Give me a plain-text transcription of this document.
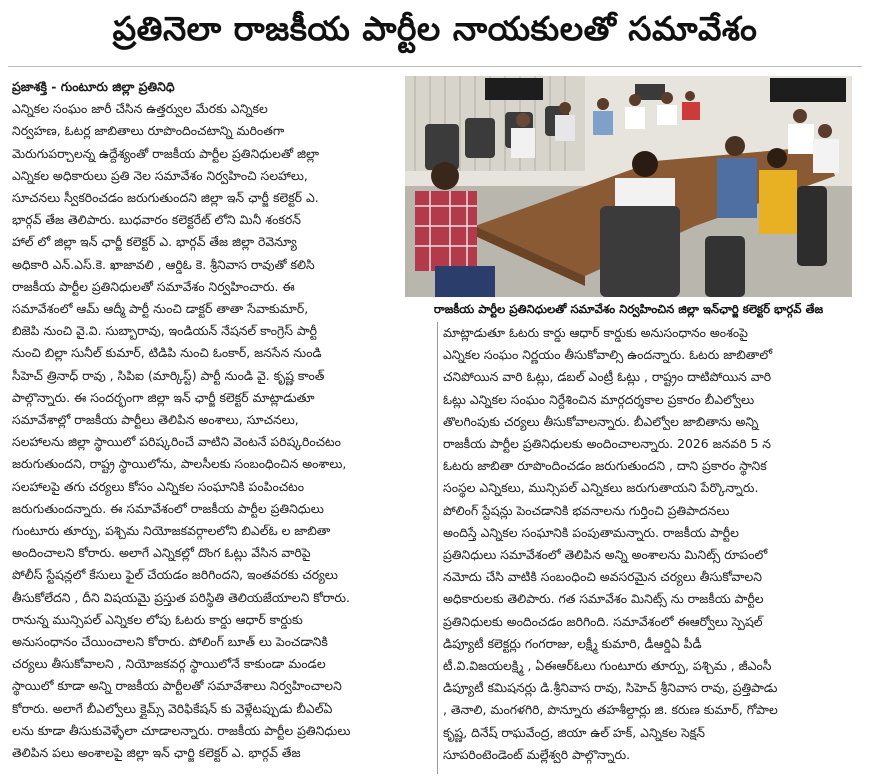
ప్రతినెలా రాజకీయ పార్టీల నాయకులతో సమావేశం
రాజకీయ పార్టీల ప్రతినిధులతో సమావేశం నిర్వహించిన జిల్లా ఇన్‌ఛార్జి కలెక్టర్ భార్గవ్ తేజ

ప్రజాశక్తి - గుంటూరు జిల్లా ప్రతినిధి

ఎన్నికల సంఘం జారీ చేసిన ఉత్తర్వుల మేరకు ఎన్నికల

నిర్వహణ, ఓటర్ల జాబితాలు రూపొందించటాన్ని మరింతగా

మెరుగుపర్చాలన్న ఉద్దేశ్యంతో రాజకీయ పార్టీల ప్రతినిధులతో జిల్లా

ఎన్నికల అధికారులు ప్రతి నెల సమావేశం నిర్వహించి సలహాలు,

సూచనలు స్వీకరించడం జరుగుతుందని జిల్లా ఇన్ ఛార్జీ కలెక్టర్ ఎ.

భార్గవ్ తేజ తెలిపారు. బుధవారం కలెక్టరేట్ లోని మినీ శంకరన్

హాల్ లో జిల్లా ఇన్ ఛార్జీ కలెక్టర్ ఎ. భార్గవ్ తేజ జిల్లా రెవెన్యూ

అధికారి ఎన్.ఎస్.కె. ఖాజావలి , ఆర్డిఓ కె. శ్రీనివాస రావుతో కలిసి

రాజకీయ పార్టీల ప్రతినిధులతో సమావేశం నిర్వహించారు. ఈ

సమావేశంలో ఆమ్ ఆద్మీ పార్టీ నుంచి డాక్టర్ తాతా సేవాకుమార్,

బిజెపి నుంచి వై.వి. సుబ్బారావు, ఇండియన్ నేషనల్ కాంగ్రెస్ పార్టీ

నుంచి బిల్లా సునీల్ కుమార్, టిడిపి నుంచి ఓంకార్, జనసేన నుండి

సీహెచ్ త్రినాధ్ రావు , సిపిఐ (మార్కిస్ట్) పార్టీ నుండి వై. కృష్ణ కాంత్

పాల్గొన్నారు. ఈ సందర్భంగా జిల్లా ఇన్ ఛార్జీ కలెక్టర్ మాట్లాడుతూ

సమావేశాల్లో రాజకీయ పార్టీలు తెలిపిన అంశాలు, సూచనలు,

సలహాలను జిల్లా స్థాయిలో పరిష్కరించే వాటిని వెంటనే పరిష్కరించటం

జరుగుతుందని, రాష్ట్ర స్థాయిలోను, పాలసీలకు సంబంధించిన అంశాలు,

సలహాలపై తగు చర్యలు కోసం ఎన్నికల సంఘానికి పంపించటం

జరుగుతుందన్నారు. ఈ సమావేశంలో రాజకీయ పార్టీల ప్రతినిధులు

గుంటూరు తూర్పు, పశ్చిమ నియోజకవర్గాలలోని బిఎల్ఓ ల జాబితా

అందించాలని కోరారు. అలాగే ఎన్నికల్లో దొంగ ఓట్లు వేసిన వారిపై

పోలీస్ స్టేషన్లలో కేసులు ఫైల్ చేయడం జరిగిందని, ఇంతవరకు చర్యలు

తీసుకోలేదని , దీని విషయమై ప్రస్తుత పరిస్థితి తెలియజేయాలని కోరారు.

రానున్న మున్సిపల్ ఎన్నికల లోపు ఓటరు కార్డు ఆధార్ కార్డుకు

అనుసంధానం చేయించాలని కోరారు. పోలింగ్ బూత్ లు పెంచడానికి

చర్యలు తీసుకోవాలని , నియోజకవర్గ స్థాయిలోనే కాకుండా మండల

స్థాయిలో కూడా అన్ని రాజకీయ పార్టీలతో సమావేశాలు నిర్వహించాలని

కోరారు. అలాగే బీఎల్వోలు క్లైమ్స్ వెరిఫికేషన్ కు వెళ్లేటప్పుడు బీఎల్ఏ

లను కూడా తీసుకువెళ్ళేలా చూడాలన్నారు. రాజకీయ పార్టీల ప్రతినిధులు

తెలిపిన పలు అంశాలపై జిల్లా ఇన్ ఛార్జి కలెక్టర్ ఎ. భార్గవ్ తేజ

మాట్లాడుతూ ఓటరు కార్డు ఆధార్ కార్డుకు అనుసంధానం అంశంపై

ఎన్నికల సంఘం నిర్ణయం తీసుకోవాల్సి ఉందన్నారు. ఓటరు జాబితాలో

చనిపోయిన వారి ఓట్లు, డబల్ ఎంట్రీ ఓట్లు , రాష్ట్రం దాటిపోయిన వారి

ఓట్లు ఎన్నికల సంఘం నిర్దేశించిన మార్గదర్శకాల ప్రకారం బీఎల్వోలు

తొలగింపుకు చర్యలు తీసుకోవాలన్నారు. బీఎల్వోల జాబితాను అన్ని

రాజకీయ పార్టీల ప్రతినిధులకు అందించాలన్నారు. 2026 జనవరి 5 న

ఓటరు జాబితా రూపొందించడం జరుగుతుందని , దాని ప్రకారం స్థానిక

సంస్థల ఎన్నికలు, మున్సిపల్ ఎన్నికలు జరుగుతాయని పేర్కొన్నారు.

పోలింగ్ స్టేషన్లు పెంచడానికి భవనాలను గుర్తించి ప్రతిపాదనలు

అందిస్తే ఎన్నికల సంఘానికి పంపుతామన్నారు. రాజకీయ పార్టీల

ప్రతినిధులు సమావేశంలో తెలిపిన అన్ని అంశాలను మినిట్స్ రూపంలో

నమోదు చేసి వాటికి సంబంధించి అవసరమైన చర్యలు తీసుకోవాలని

అధికారులకు తెలిపారు. గత సమావేశం మినిట్స్ ను రాజకీయ పార్టీల

ప్రతినిధులకు అందించడం జరిగింది. సమావేశంలో ఈఆర్వోలు స్పెషల్

డిప్యూటీ కలెక్టర్లు గంగరాజు, లక్ష్మీ కుమారి, డీఆర్డిఏ పీడీ

టీ.వి.విజయలక్ష్మి , ఏఈఆర్ఓలు గుంటూరు తూర్పు, పశ్చిమ , జీఎంసీ

డిప్యూటీ కమిషనర్లు డి.శ్రీనివాస రావు, సిహెచ్ శ్రీనివాస రావు, ప్రత్తిపాడు

, తెనాలి, మంగళగిరి, పొన్నూరు తహశీల్దార్లు జి. కరుణ కుమార్, గోపాల

కృష్ణ, దినేష్ రాఘవేంద్ర, జియా ఉల్ హక్, ఎన్నికల సెక్షన్

సూపరింటెండెంట్ మల్లేశ్వరి పాల్గొన్నారు.
